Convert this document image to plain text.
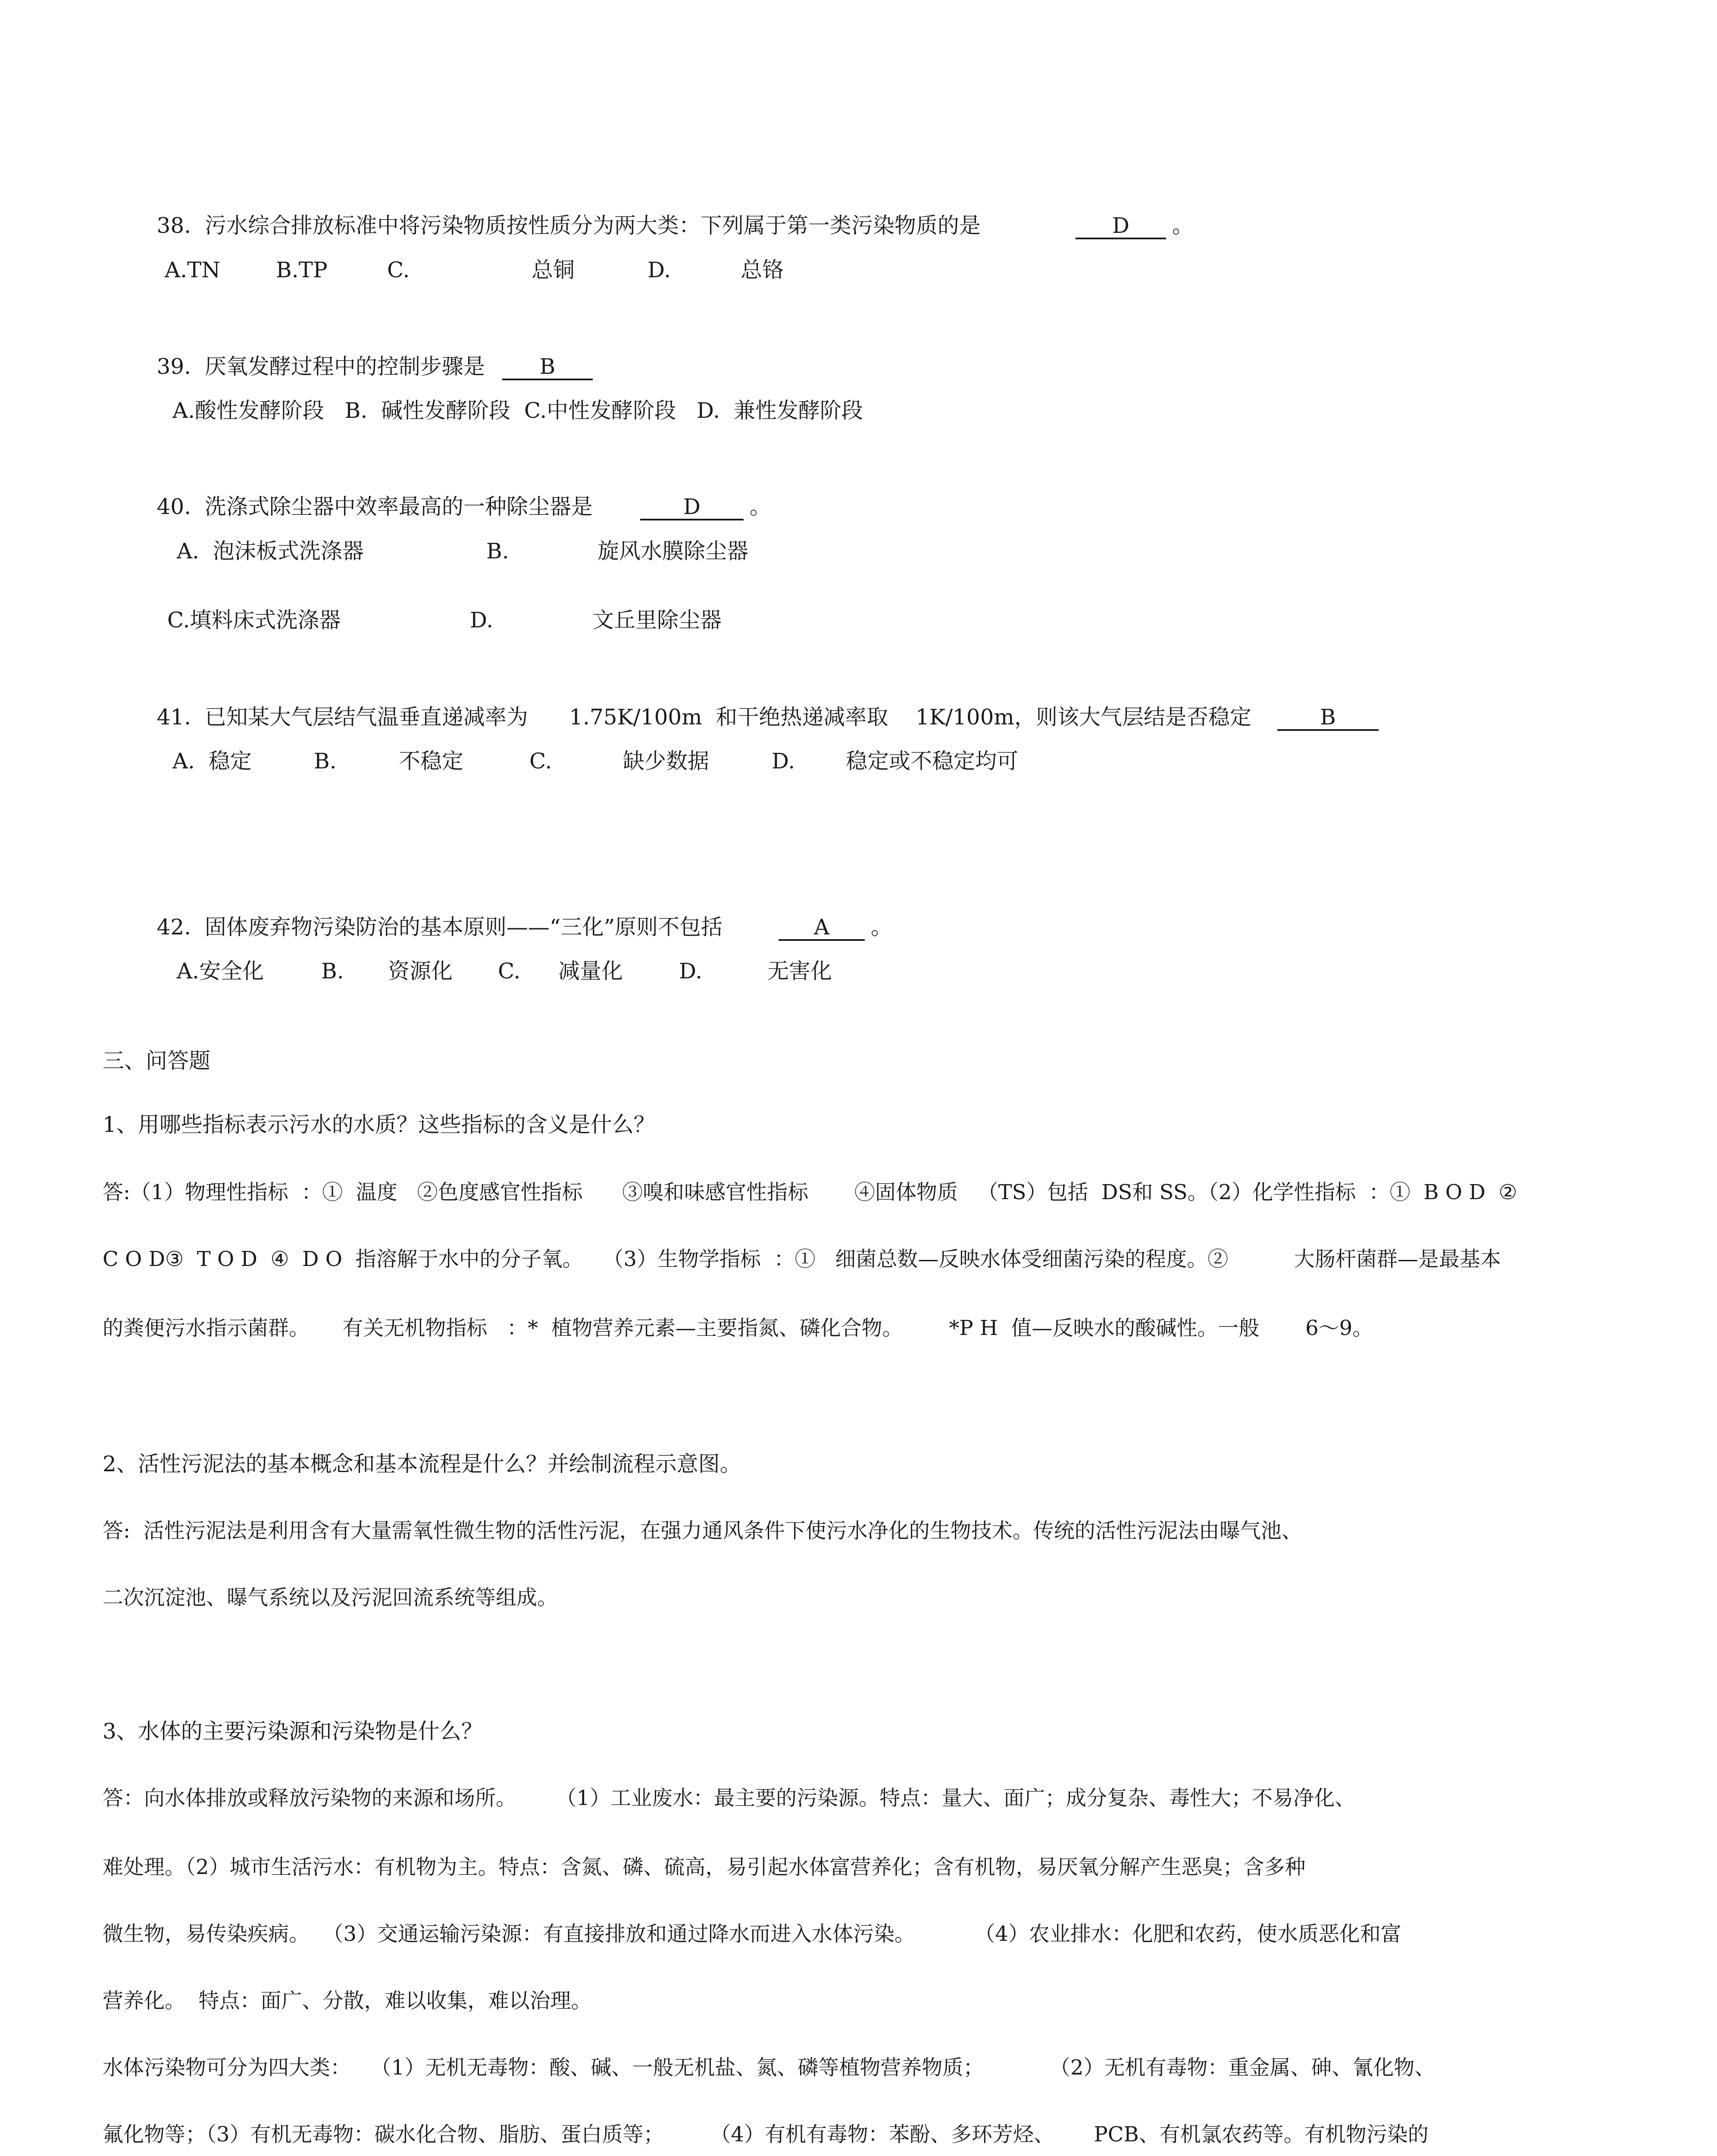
38.  污水综合排放标准中将污染物质按性质分为两大类：下列属于第一类污染物质的是	D 。

A.TN	B.TP	C.	总铜	D.	总铬

39.  厌氧发酵过程中的控制步骤是	B

A.酸性发酵阶段   B.  碱性发酵阶段  C.中性发酵阶段   D.  兼性发酵阶段

40.  洗涤式除尘器中效率最高的一种除尘器是	D 。

A.  泡沫板式洗涤器	B.	旋风水膜除尘器
C.填料床式洗涤器	D.	文丘里除尘器

41.  已知某大气层结气温垂直递减率为      1.75K/100m  和干绝热递减率取    1K/100m，则该大气层结是否稳定	B

A.  稳定	B.	不稳定	C.	缺少数据	D. 稳定或不稳定均可

42.  固体废弃物污染防治的基本原则——“三化”原则不包括	A 。

A.安全化	B. 资源化 C. 减量化	D.	无害化
三、问答题
1、用哪些指标表示污水的水质？这些指标的含义是什么？
答:（1）物理性指标  ：①  温度   ②色度感官性指标      ③嗅和味感官性指标       ④固体物质   （TS）包括  DS和 SS。（2）化学性指标  ：①  B O D  ②
C O D③  T O D  ④  D O  指溶解于水中的分子氧。   （3）生物学指标  ：①   细菌总数—反映水体受细菌污染的程度。②          大肠杆菌群—是最基本
的粪便污水指示菌群。     有关无机物指标   ：*  植物营养元素—主要指氮、磷化合物。       *P H  值—反映水的酸碱性。一般       6～9。
2、活性污泥法的基本概念和基本流程是什么？并绘制流程示意图。
答:  活性污泥法是利用含有大量需氧性微生物的活性污泥，在强力通风条件下使污水净化的生物技术。传统的活性污泥法由曝气池、
二次沉淀池、曝气系统以及污泥回流系统等组成。
3、水体的主要污染源和污染物是什么？
答：向水体排放或释放污染物的来源和场所。      （1）工业废水：最主要的污染源。特点：量大、面广；成分复杂、毒性大；不易净化、
难处理。（2）城市生活污水：有机物为主。特点：含氮、磷、硫高，易引起水体富营养化；含有机物，易厌氧分解产生恶臭；含多种
微生物，易传染疾病。  （3）交通运输污染源：有直接排放和通过降水而进入水体污染。         （4）农业排水：化肥和农药，使水质恶化和富
营养化。  特点：面广、分散，难以收集，难以治理。
水体污染物可分为四大类：   （1）无机无毒物：酸、碱、一般无机盐、氮、磷等植物营养物质；          （2）无机有毒物：重金属、砷、氰化物、
氟化物等；（3）有机无毒物：碳水化合物、脂肪、蛋白质等；       （4）有机有毒物：苯酚、多环芳烃、      PCB、有机氯农药等。有机物污染的
